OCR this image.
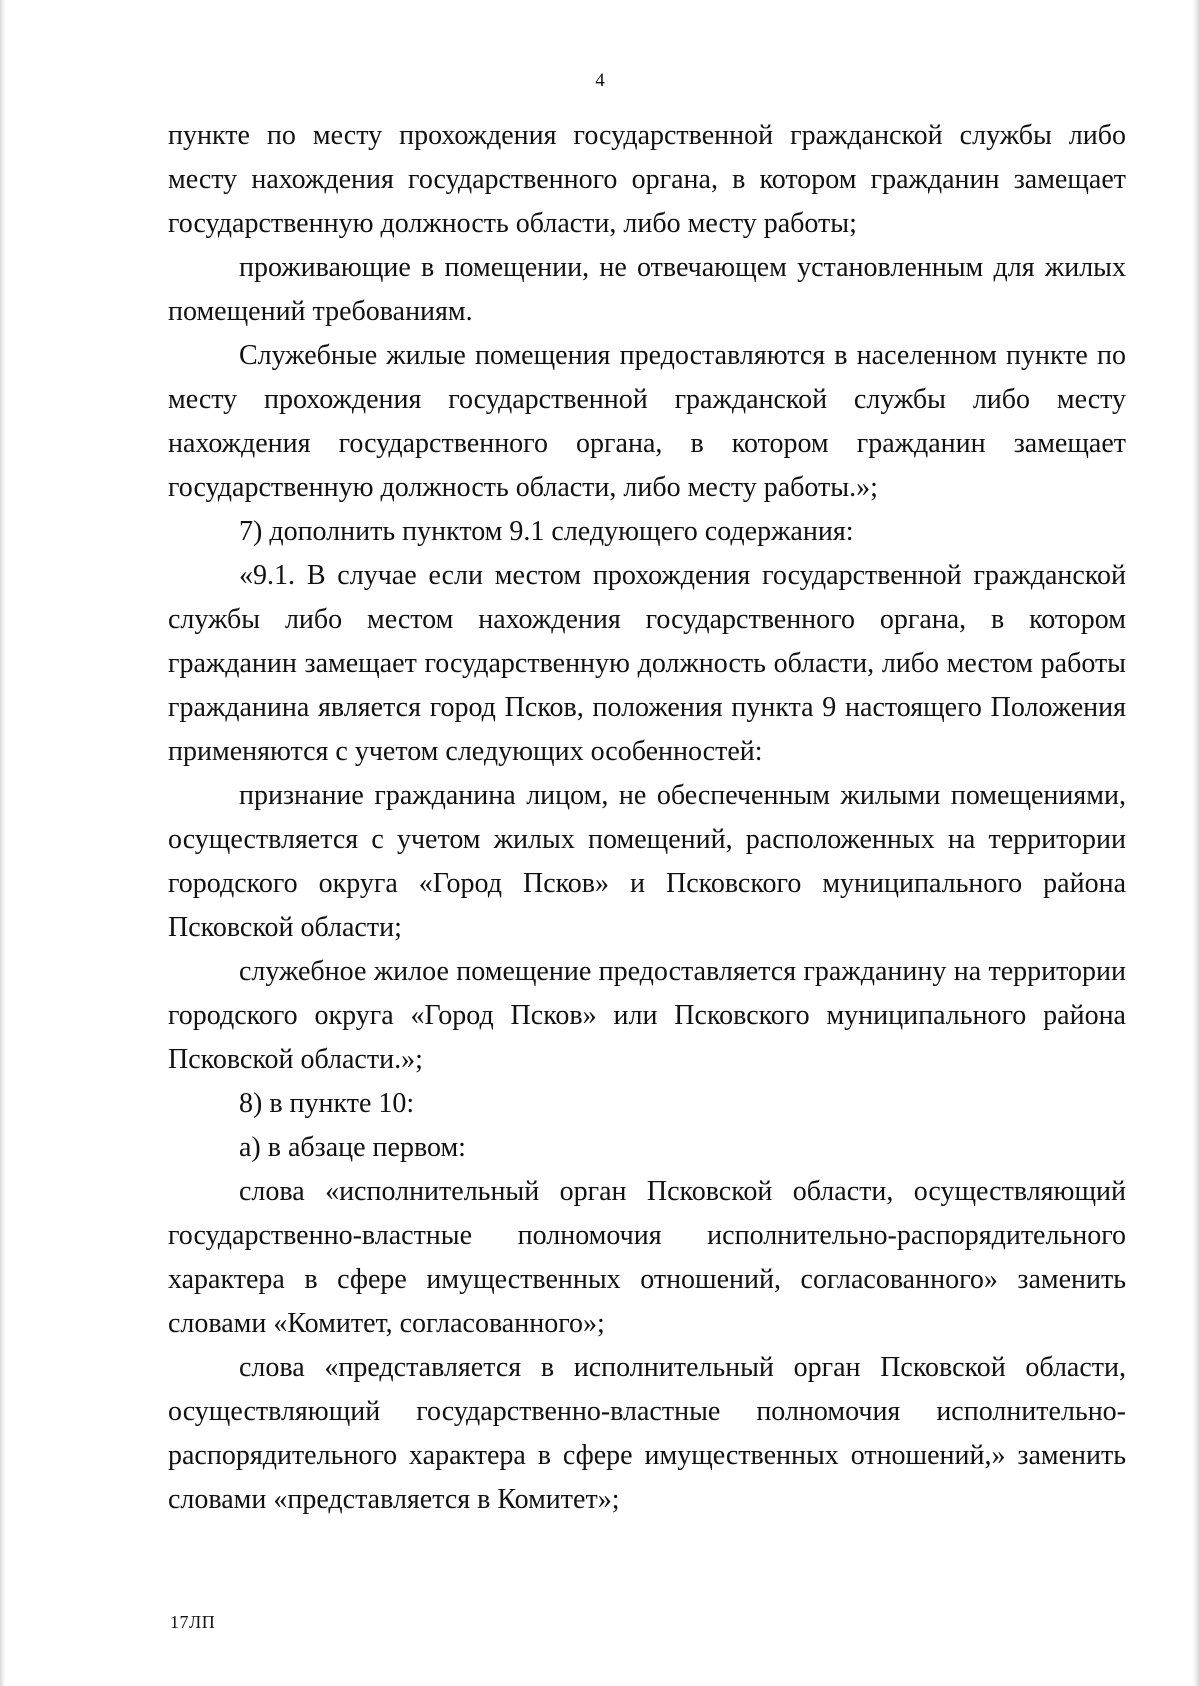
4

пункте по месту прохождения государственной гражданской службы либо месту нахождения государственного органа, в котором гражданин замещает государственную должность области, либо месту работы;

проживающие в помещении, не отвечающем установленным для жилых помещений требованиям.

Служебные жилые помещения предоставляются в населенном пункте по месту прохождения государственной гражданской службы либо месту нахождения государственного органа, в котором гражданин замещает государственную должность области, либо месту работы.»;

7) дополнить пунктом 9.1 следующего содержания:

«9.1. В случае если местом прохождения государственной гражданской службы либо местом нахождения государственного органа, в котором гражданин замещает государственную должность области, либо местом работы гражданина является город Псков, положения пункта 9 настоящего Положения применяются с учетом следующих особенностей:

признание гражданина лицом, не обеспеченным жилыми помещениями, осуществляется с учетом жилых помещений, расположенных на территории городского округа «Город Псков» и Псковского муниципального района Псковской области;

служебное жилое помещение предоставляется гражданину на территории городского округа «Город Псков» или Псковского муниципального района Псковской области.»;

8) в пункте 10:

а) в абзаце первом:

слова «исполнительный орган Псковской области, осуществляющий государственно-властные полномочия исполнительно-распорядительного характера в сфере имущественных отношений, согласованного» заменить словами «Комитет, согласованного»;

слова «представляется в исполнительный орган Псковской области, осуществляющий государственно-властные полномочия исполнительно-распорядительного характера в сфере имущественных отношений,» заменить словами «представляется в Комитет»;

17ЛП
